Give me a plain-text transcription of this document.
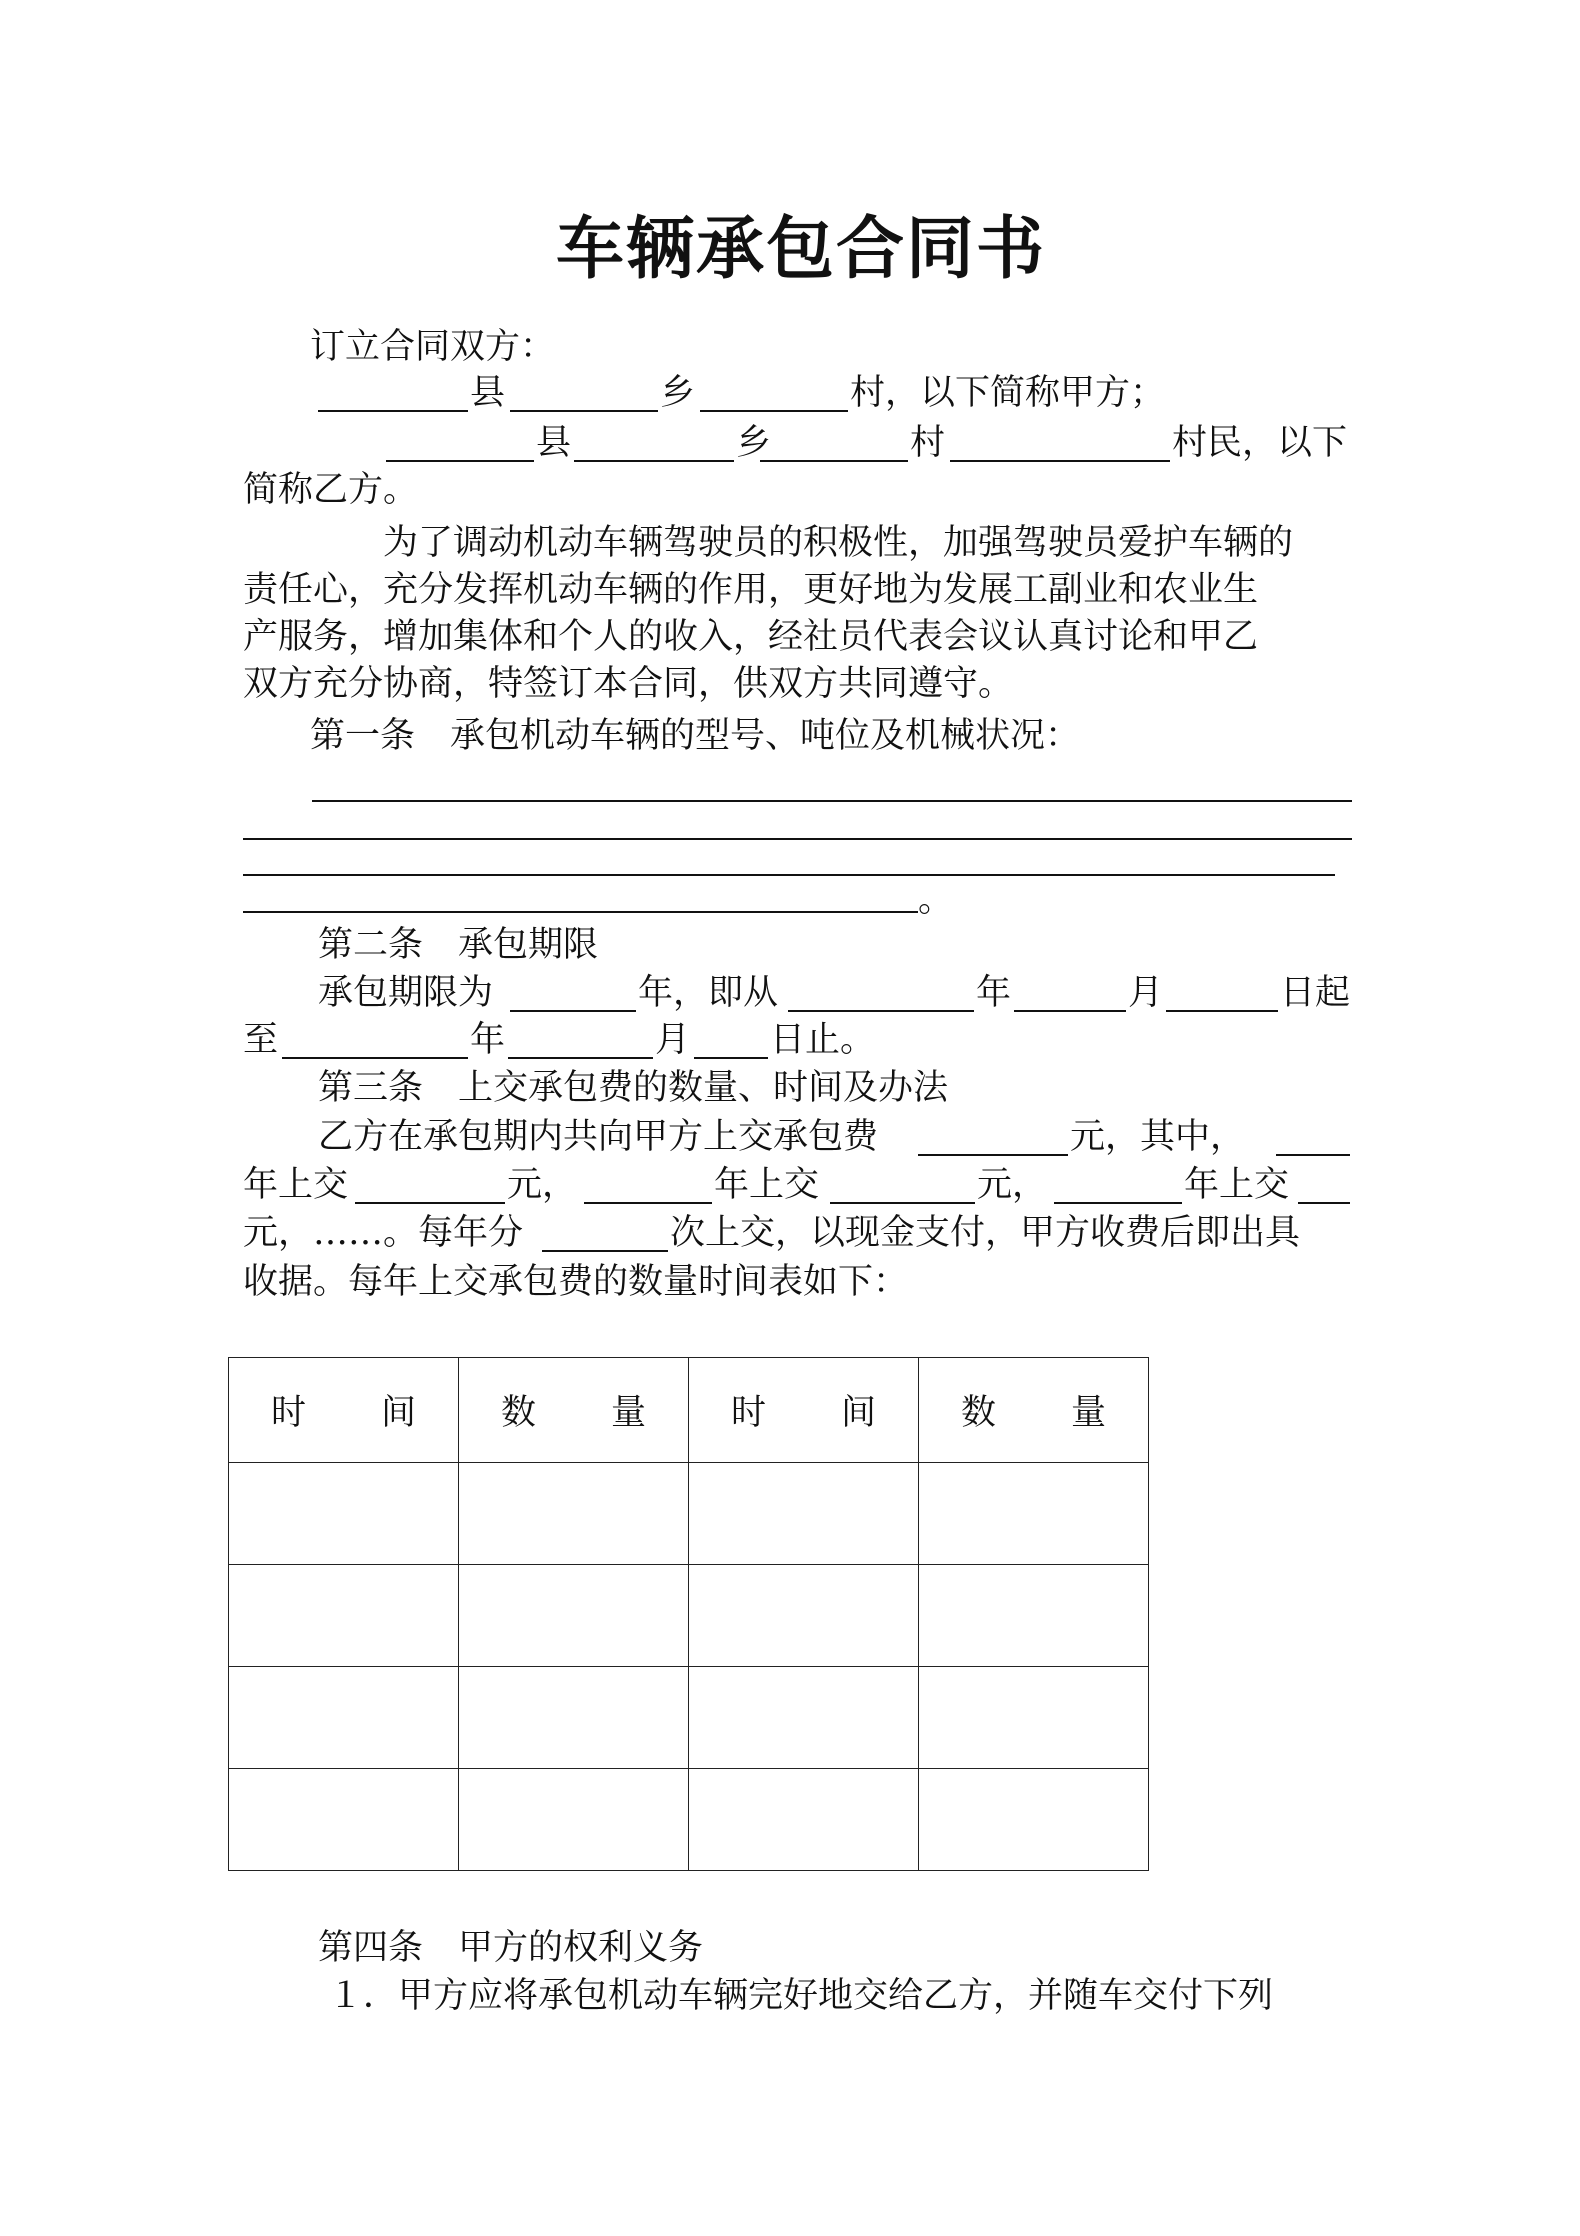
车辆承包合同书
订立合同双方：
县	乡	村，以下简称甲方；
县	乡	村	村民，以下
简称乙方。
为了调动机动车辆驾驶员的积极性，加强驾驶员爱护车辆的
责任心，充分发挥机动车辆的作用，更好地为发展工副业和农业生
产服务，增加集体和个人的收入，经社员代表会议认真讨论和甲乙
双方充分协商，特签订本合同，供双方共同遵守。
第一条　承包机动车辆的型号、吨位及机械状况：
。
第二条　承包期限
承包期限为	年，即从	年	月	日起
至	年	月 日止。
第三条　上交承包费的数量、时间及办法
乙方在承包期内共向甲方上交承包费	元，其中，
年上交	元，	年上交	元，	年上交
元，……。每年分	次上交，以现金支付，甲方收费后即出具
收据。每年上交承包费的数量时间表如下：
时 间	数 量	时 间	数 量

第四条　甲方的权利义务
１．甲方应将承包机动车辆完好地交给乙方，并随车交付下列
